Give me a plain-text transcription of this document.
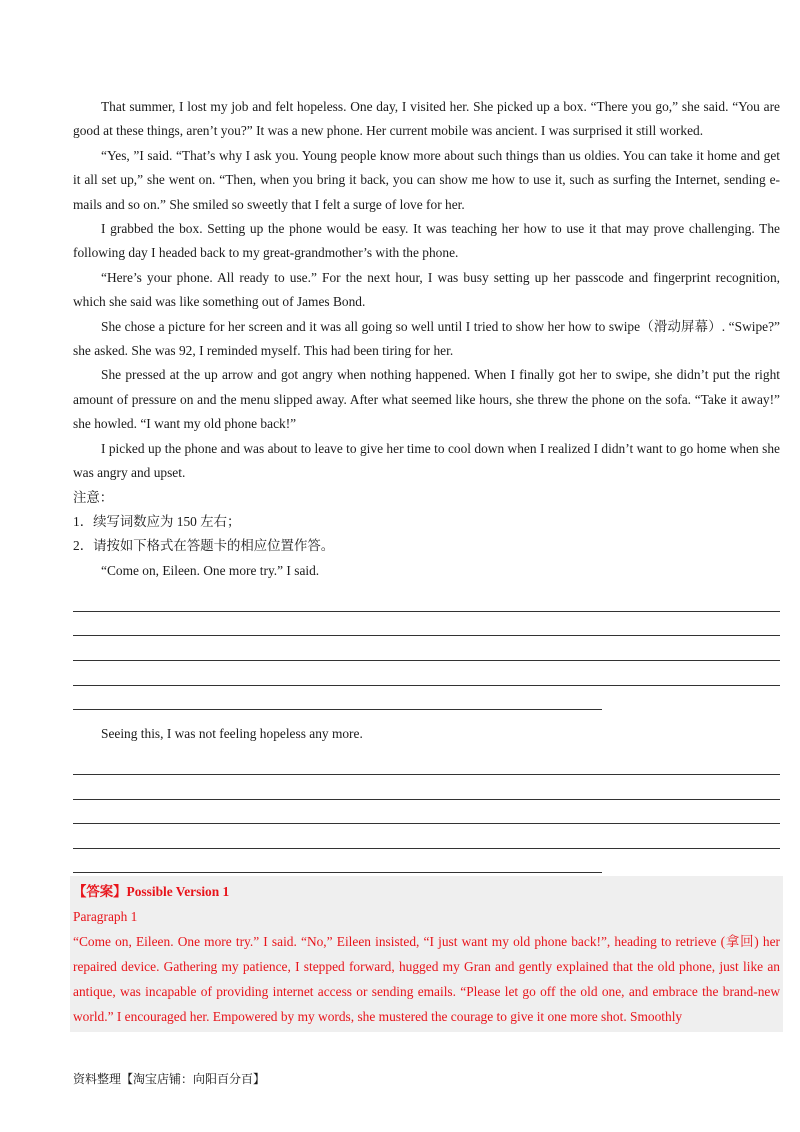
That summer, I lost my job and felt hopeless. One day, I visited her. She picked up a box. “There you go,” she said. “You are good at these things, aren’t you?” It was a new phone. Her current mobile was ancient. I was surprised it still worked.

“Yes, ”I said. “That’s why I ask you. Young people know more about such things than us oldies. You can take it home and get it all set up,” she went on. “Then, when you bring it back, you can show me how to use it, such as surfing the Internet, sending e-mails and so on.” She smiled so sweetly that I felt a surge of love for her.

I grabbed the box. Setting up the phone would be easy. It was teaching her how to use it that may prove challenging. The following day I headed back to my great-grandmother’s with the phone.

“Here’s your phone. All ready to use.” For the next hour, I was busy setting up her passcode and fingerprint recognition, which she said was like something out of James Bond.

She chose a picture for her screen and it was all going so well until I tried to show her how to swipe（滑动屏幕）. “Swipe?” she asked. She was 92, I reminded myself. This had been tiring for her.

She pressed at the up arrow and got angry when nothing happened. When I finally got her to swipe, she didn’t put the right amount of pressure on and the menu slipped away. After what seemed like hours, she threw the phone on the sofa. “Take it away!” she howled. “I want my old phone back!”

I picked up the phone and was about to leave to give her time to cool down when I realized I didn’t want to go home when she was angry and upset.

注意：

1．续写词数应为 150 左右；

2．请按如下格式在答题卡的相应位置作答。

“Come on, Eileen. One more try.” I said.

Seeing this, I was not feeling hopeless any more.

【答案】Possible Version 1

Paragraph 1

“Come on, Eileen. One more try.” I said. “No,” Eileen insisted, “I just want my old phone back!”, heading to retrieve (拿回) her repaired device. Gathering my patience, I stepped forward, hugged my Gran and gently explained that the old phone, just like an antique, was incapable of providing internet access or sending emails. “Please let go off the old one, and embrace the brand-new world.” I encouraged her. Empowered by my words, she mustered the courage to give it one more shot. Smoothly

资料整理【淘宝店铺：向阳百分百】
